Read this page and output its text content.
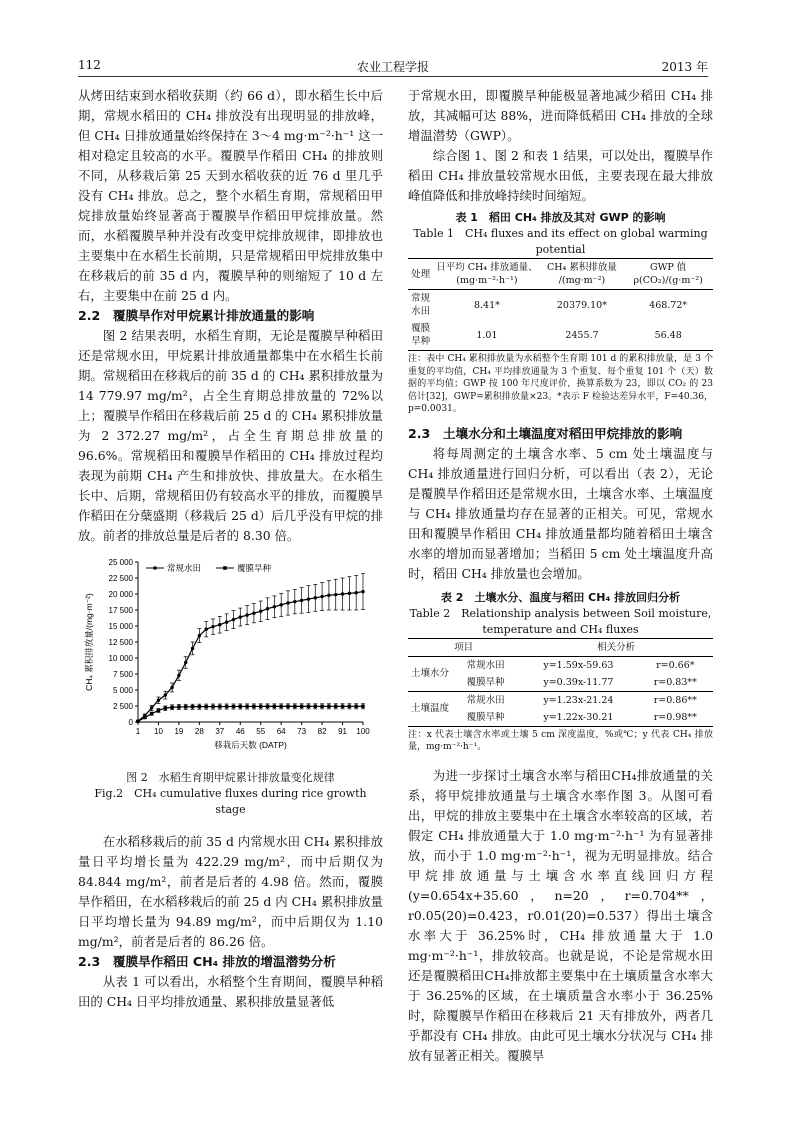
112	农业工程学报	2013 年

从烤田结束到水稻收获期（约 66 d），即水稻生长中后期，常规水稻田的 CH₄ 排放没有出现明显的排放峰，但 CH₄ 日排放通量始终保持在 3～4 mg·m⁻²·h⁻¹ 这一相对稳定且较高的水平。覆膜旱作稻田 CH₄ 的排放则不同，从移栽后第 25 天到水稻收获的近 76 d 里几乎没有 CH₄ 排放。总之，整个水稻生育期，常规稻田甲烷排放量始终显著高于覆膜旱作稻田甲烷排放量。然而，水稻覆膜旱种并没有改变甲烷排放规律，即排放也主要集中在水稻生长前期，只是常规稻田甲烷排放集中在移栽后的前 35 d 内，覆膜旱种的则缩短了 10 d 左右，主要集中在前 25 d 内。

2.2　覆膜旱作对甲烷累计排放通量的影响

图 2 结果表明，水稻生育期，无论是覆膜旱种稻田还是常规水田，甲烷累计排放通量都集中在水稻生长前期。常规稻田在移栽后的前 35 d 的 CH₄ 累积排放量为 14 779.97 mg/m²，占全生育期总排放量的 72%以上；覆膜旱作稻田在移栽后前 25 d 的 CH₄ 累积排放量为 2 372.27 mg/m²，占全生育期总排放量的 96.6%。常规稻田和覆膜旱作稻田的 CH₄ 排放过程均表现为前期 CH₄ 产生和排放快、排放量大。在水稻生长中、后期，常规稻田仍有较高水平的排放，而覆膜旱作稻田在分蘖盛期（移栽后 25 d）后几乎没有甲烷的排放。前者的排放总量是后者的 8.30 倍。

0
2 500
5 000
7 500
10 000
12 500
15 000
17 500
20 000
22 500
25 000
1 10 19 28 37 46 55 64 73 82 91 100
移栽后天数 (DATP)
CH₄ 累积排放量/(mg·m⁻²)
常规水田	覆膜旱种
图 2　水稻生育期甲烷累计排放量变化规律
Fig.2　CH₄ cumulative fluxes during rice growth stage

在水稻移栽后的前 35 d 内常规水田 CH₄ 累积排放量日平均增长量为 422.29 mg/m²，而中后期仅为 84.844 mg/m²，前者是后者的 4.98 倍。然而，覆膜旱作稻田，在水稻移栽后的前 25 d 内 CH₄ 累积排放量日平均增长量为 94.89 mg/m²，而中后期仅为 1.10 mg/m²，前者是后者的 86.26 倍。

2.3　覆膜旱作稻田 CH₄ 排放的增温潜势分析

从表 1 可以看出，水稻整个生育期间，覆膜旱种稻田的 CH₄ 日平均排放通量、累积排放量显著低

于常规水田，即覆膜旱种能极显著地减少稻田 CH₄ 排放，其减幅可达 88%，进而降低稻田 CH₄ 排放的全球增温潜势（GWP）。

综合图 1、图 2 和表 1 结果，可以处出，覆膜旱作稻田 CH₄ 排放量较常规水田低，主要表现在最大排放峰值降低和排放峰持续时间缩短。

表 1　稻田 CH₄ 排放及其对 GWP 的影响
Table 1　CH₄ fluxes and its effect on global warming potential
处理	日平均 CH₄ 排放通量、(mg·m⁻²·h⁻¹)	CH₄ 累积排放量 /(mg·m⁻²)	GWP 值 ρ(CO₂)/(g·m⁻²)
常规水田	8.41*	20379.10*	468.72*
覆膜旱种	1.01	2455.7	56.48
注：表中 CH₄ 累积排放量为水稻整个生育期 101 d 的累积排放量，是 3 个重复的平均值，CH₄ 平均排放通量为 3 个重复、每个重复 101 个（天）数据的平均值；GWP 按 100 年尺度评价，换算系数为 23，即以 CO₂ 的 23 倍计[32]，GWP=累积排放量×23。*表示 F 检验达差异水平，F=40.36，p=0.0031。
2.3　土壤水分和土壤温度对稻田甲烷排放的影响

将每周测定的土壤含水率、5 cm 处土壤温度与 CH₄ 排放通量进行回归分析，可以看出（表 2），无论是覆膜旱作稻田还是常规水田，土壤含水率、土壤温度与 CH₄ 排放通量均存在显著的正相关。可见，常规水田和覆膜旱作稻田 CH₄ 排放通量都均随着稻田土壤含水率的增加而显著增加；当稻田 5 cm 处土壤温度升高时，稻田 CH₄ 排放量也会增加。

表 2　土壤水分、温度与稻田 CH₄ 排放回归分析
Table 2　Relationship analysis between Soil moisture,
temperature and CH₄ fluxes
项目		相关分析	
土壤水分	常规水田	y=1.59x-59.63	r=0.66*
	覆膜旱种	y=0.39x-11.77	r=0.83**
土壤温度	常规水田	y=1.23x-21.24	r=0.86**
	覆膜旱种	y=1.22x-30.21	r=0.98**
注：x 代表土壤含水率或土壤 5 cm 深度温度，%或℃；y 代表 CH₄ 排放量，mg·m⁻²·h⁻¹。

为进一步探讨土壤含水率与稻田CH₄排放通量的关系，将甲烷排放通量与土壤含水率作图 3。从图可看出，甲烷的排放主要集中在土壤含水率较高的区域，若假定 CH₄ 排放通量大于 1.0 mg·m⁻²·h⁻¹ 为有显著排放，而小于 1.0 mg·m⁻²·h⁻¹，视为无明显排放。结合甲烷排放通量与土壤含水率直线回归方程(y=0.654x+35.60，n=20，r=0.704**，r0.05(20)=0.423，r0.01(20)=0.537）得出土壤含水率大于 36.25%时，CH₄ 排放通量大于 1.0 mg·m⁻²·h⁻¹，排放较高。也就是说，不论是常规水田还是覆膜稻田CH₄排放都主要集中在土壤质量含水率大于 36.25%的区域，在土壤质量含水率小于 36.25%时，除覆膜旱作稻田在移栽后 21 天有排放外，两者几乎都没有 CH₄ 排放。由此可见土壤水分状况与 CH₄ 排放有显著正相关。覆膜旱
